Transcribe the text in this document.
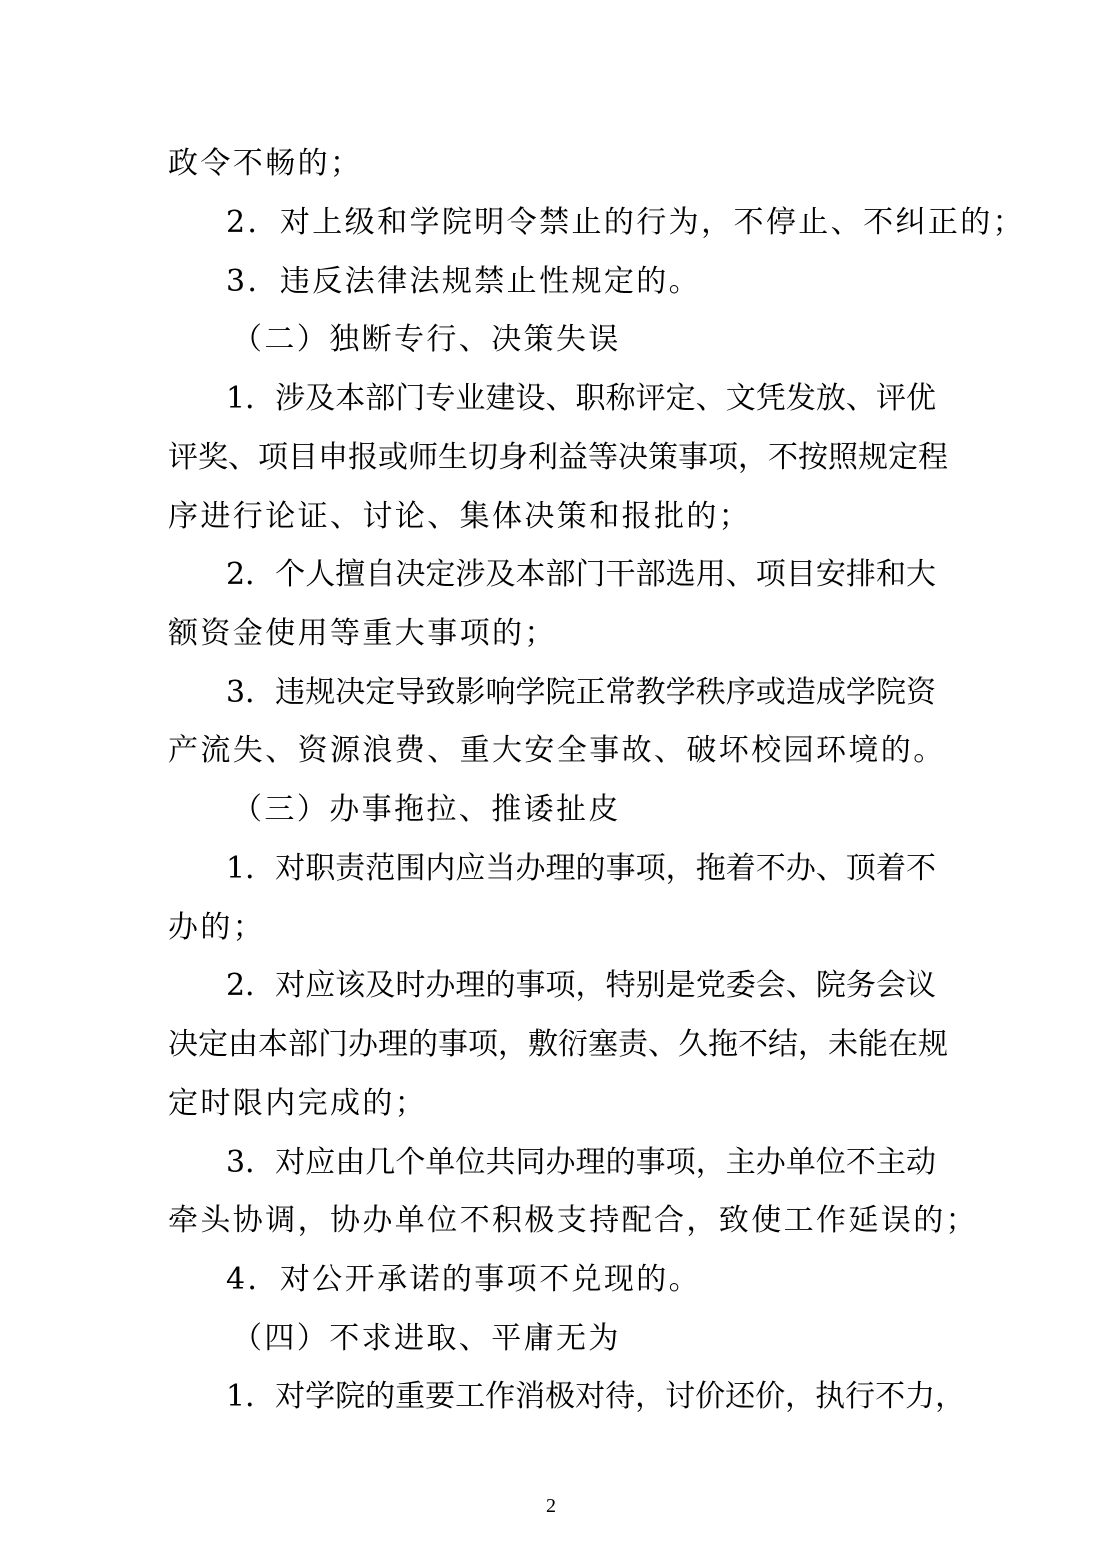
政令不畅的；
2．对上级和学院明令禁止的行为，不停止、不纠正的；
3．违反法律法规禁止性规定的。
（二）独断专行、决策失误
1．涉及本部门专业建设、职称评定、文凭发放、评优
评奖、项目申报或师生切身利益等决策事项，不按照规定程
序进行论证、讨论、集体决策和报批的；
2．个人擅自决定涉及本部门干部选用、项目安排和大
额资金使用等重大事项的；
3．违规决定导致影响学院正常教学秩序或造成学院资
产流失、资源浪费、重大安全事故、破坏校园环境的。
（三）办事拖拉、推诿扯皮
1．对职责范围内应当办理的事项，拖着不办、顶着不
办的；
2．对应该及时办理的事项，特别是党委会、院务会议
决定由本部门办理的事项，敷衍塞责、久拖不结，未能在规
定时限内完成的；
3．对应由几个单位共同办理的事项，主办单位不主动
牵头协调，协办单位不积极支持配合，致使工作延误的；
4．对公开承诺的事项不兑现的。
（四）不求进取、平庸无为
1．对学院的重要工作消极对待，讨价还价，执行不力，
2
